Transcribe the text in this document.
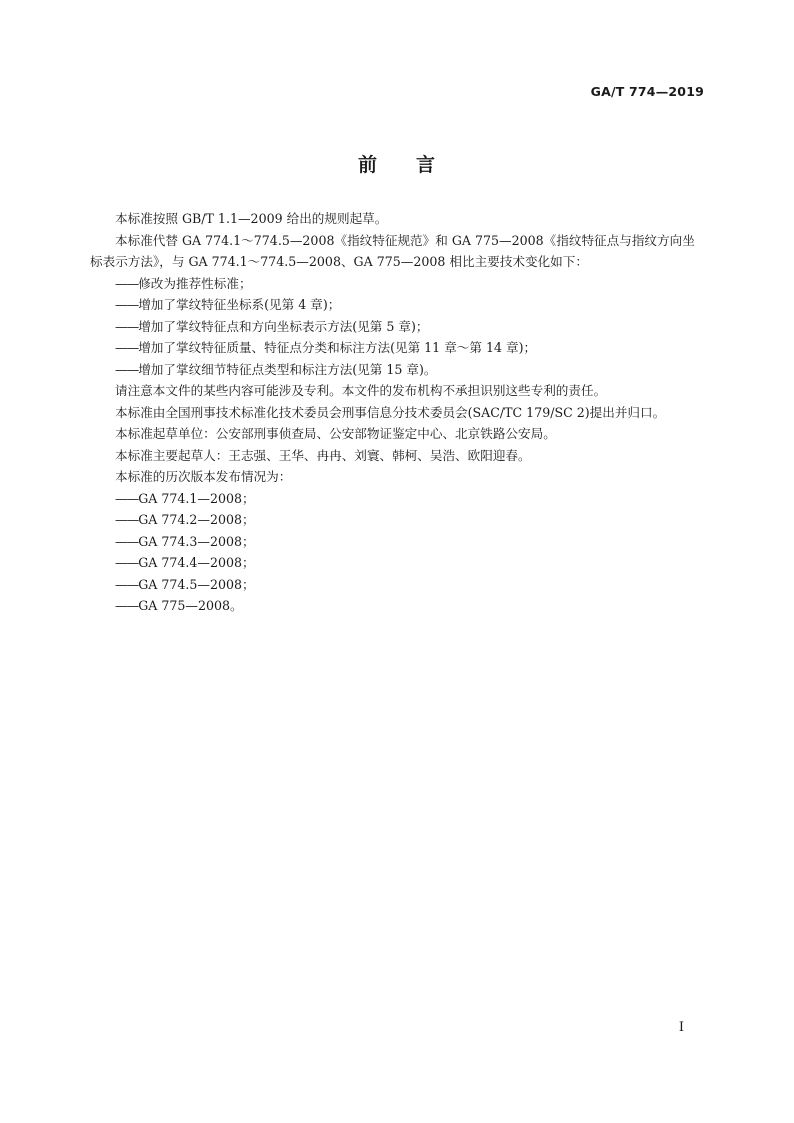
GA/T 774—2019
前 言

本标准按照 GB/T 1.1—2009 给出的规则起草。

本标准代替 GA 774.1～774.5—2008《指纹特征规范》和 GA 775—2008《指纹特征点与指纹方向坐标表示方法》，与 GA 774.1～774.5—2008、GA 775—2008 相比主要技术变化如下：

——修改为推荐性标准；

——增加了掌纹特征坐标系(见第 4 章)；

——增加了掌纹特征点和方向坐标表示方法(见第 5 章)；

——增加了掌纹特征质量、特征点分类和标注方法(见第 11 章～第 14 章)；

——增加了掌纹细节特征点类型和标注方法(见第 15 章)。

请注意本文件的某些内容可能涉及专利。本文件的发布机构不承担识别这些专利的责任。

本标准由全国刑事技术标准化技术委员会刑事信息分技术委员会(SAC/TC 179/SC 2)提出并归口。

本标准起草单位：公安部刑事侦查局、公安部物证鉴定中心、北京铁路公安局。

本标准主要起草人：王志强、王华、冉冉、刘寰、韩柯、吴浩、欧阳迎春。

本标准的历次版本发布情况为：

——GA 774.1—2008；

——GA 774.2—2008；

——GA 774.3—2008；

——GA 774.4—2008；

——GA 774.5—2008；

——GA 775—2008。

I
